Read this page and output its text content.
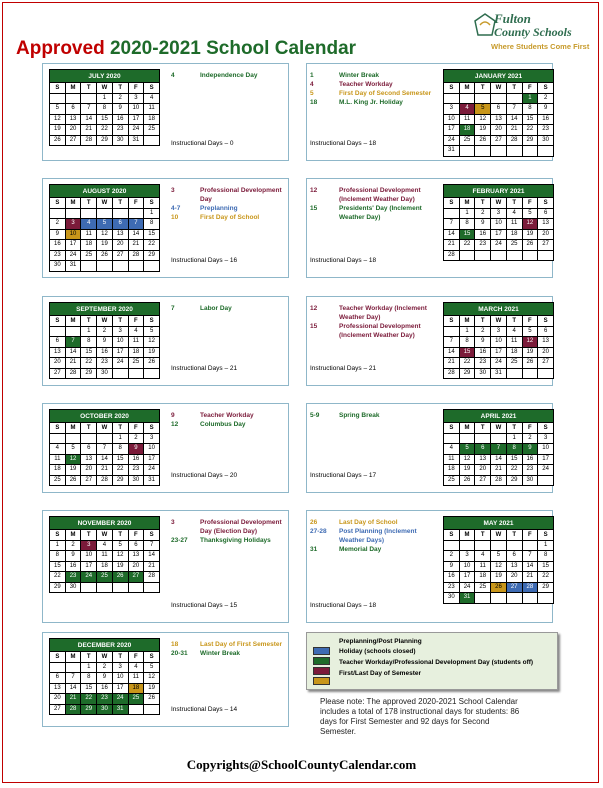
Approved 2020-2021 School Calendar
Fulton
County Schools
Where Students Come First
JULY 2020						
S	M	T	W	T	F	S
			1	2	3	4
5	6	7	8	9	10	11
12	13	14	15	16	17	18
19	20	21	22	23	24	25
26	27	28	29	30	31	
4	Independence Day
Instructional Days – 0
AUGUST 2020						
S	M	T	W	T	F	S
						1
2	3	4	5	6	7	8
9	10	11	12	13	14	15
16	17	18	19	20	21	22
23	24	25	26	27	28	29
30	31					
3	Professional Development Day
4-7	Preplanning
10	First Day of School
Instructional Days – 16
SEPTEMBER 2020						
S	M	T	W	T	F	S
		1	2	3	4	5
6	7	8	9	10	11	12
13	14	15	16	17	18	19
20	21	22	23	24	25	26
27	28	29	30			
7	Labor Day
Instructional Days – 21
OCTOBER 2020						
S	M	T	W	T	F	S
				1	2	3
4	5	6	7	8	9	10
11	12	13	14	15	16	17
18	19	20	21	22	23	24
25	26	27	28	29	30	31
9	Teacher Workday
12	Columbus Day
Instructional Days – 20
NOVEMBER 2020						
S	M	T	W	T	F	S
1	2	3	4	5	6	7
8	9	10	11	12	13	14
15	16	17	18	19	20	21
22	23	24	25	26	27	28
29	30					
3	Professional Development Day (Election Day)
23-27	Thanksgiving Holidays
Instructional Days – 15
DECEMBER 2020						
S	M	T	W	T	F	S
		1	2	3	4	5
6	7	8	9	10	11	12
13	14	15	16	17	18	19
20	21	22	23	24	25	26
27	28	29	30	31		
18	Last Day of First Semester
20-31	Winter Break
Instructional Days – 14
JANUARY 2021						
S	M	T	W	T	F	S
					1	2
3	4	5	6	7	8	9
10	11	12	13	14	15	16
17	18	19	20	21	22	23
24	25	26	27	28	29	30
31						
1	Winter Break
4	Teacher Workday
5	First Day of Second Semester
18	M.L. King Jr. Holiday
Instructional Days – 18
FEBRUARY 2021						
S	M	T	W	T	F	S
	1	2	3	4	5	6
7	8	9	10	11	12	13
14	15	16	17	18	19	20
21	22	23	24	25	26	27
28						
12	Professional Development (Inclement Weather Day)
15	Presidents' Day (Inclement Weather Day)
Instructional Days – 18
MARCH 2021						
S	M	T	W	T	F	S
	1	2	3	4	5	6
7	8	9	10	11	12	13
14	15	16	17	18	19	20
21	22	23	24	25	26	27
28	29	30	31			
12	Teacher Workday (Inclement Weather Day)
15	Professional Development (Inclement Weather Day)
Instructional Days – 21
APRIL 2021						
S	M	T	W	T	F	S
				1	2	3
4	5	6	7	8	9	10
11	12	13	14	15	16	17
18	19	20	21	22	23	24
25	26	27	28	29	30	
5-9	Spring Break
Instructional Days – 17
MAY 2021						
S	M	T	W	T	F	S
						1
2	3	4	5	6	7	8
9	10	11	12	13	14	15
16	17	18	19	20	21	22
23	24	25	26	27	28	29
30	31					
26	Last Day of School
27-28	Post Planning (Inclement Weather Days)
31	Memorial Day
Instructional Days – 18
Preplanning/Post Planning
Holiday (schools closed)
Teacher Workday/Professional Development Day (students off)
First/Last Day of Semester
Please note: The approved 2020-2021 School Calendar includes a total of 178 instructional days for students: 86 days for First Semester and 92 days for Second Semester.
Copyrights@SchoolCountyCalendar.com
